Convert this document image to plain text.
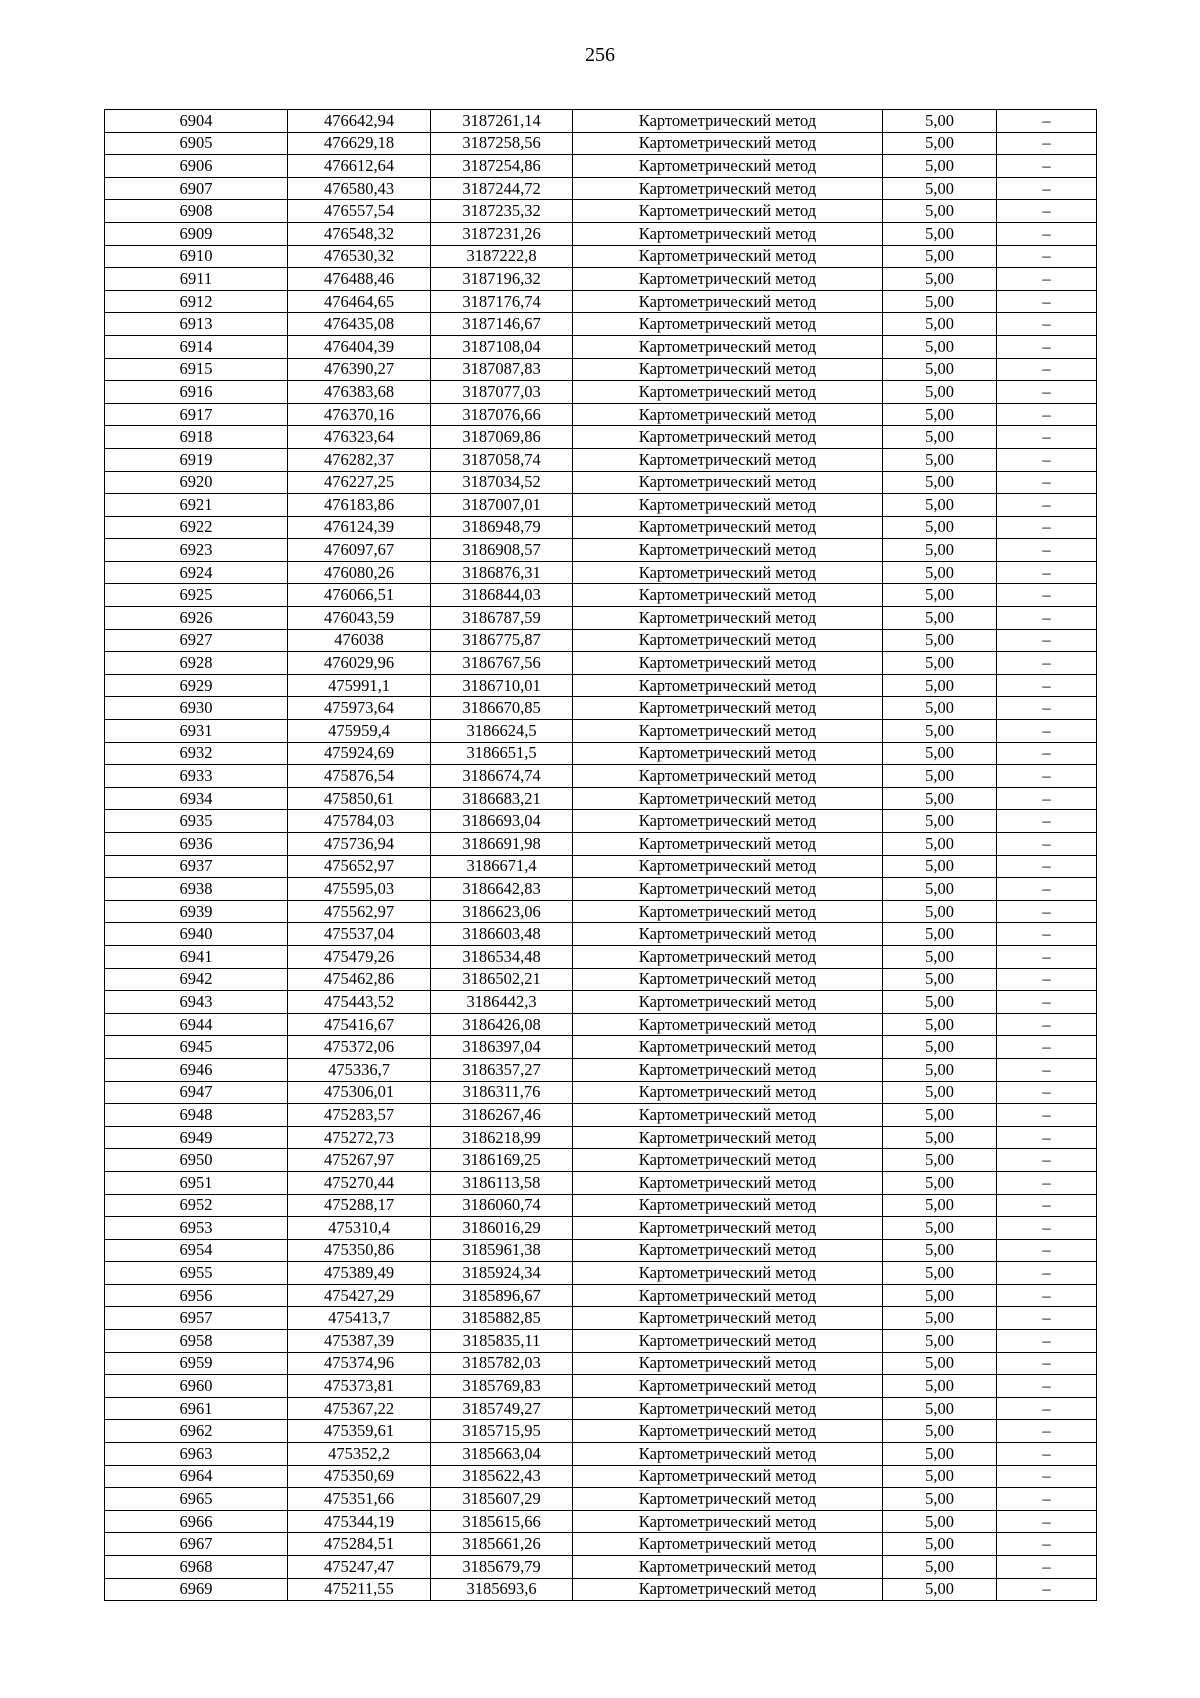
256
6904	476642,94	3187261,14	Картометрический метод	5,00	–
6905	476629,18	3187258,56	Картометрический метод	5,00	–
6906	476612,64	3187254,86	Картометрический метод	5,00	–
6907	476580,43	3187244,72	Картометрический метод	5,00	–
6908	476557,54	3187235,32	Картометрический метод	5,00	–
6909	476548,32	3187231,26	Картометрический метод	5,00	–
6910	476530,32	3187222,8	Картометрический метод	5,00	–
6911	476488,46	3187196,32	Картометрический метод	5,00	–
6912	476464,65	3187176,74	Картометрический метод	5,00	–
6913	476435,08	3187146,67	Картометрический метод	5,00	–
6914	476404,39	3187108,04	Картометрический метод	5,00	–
6915	476390,27	3187087,83	Картометрический метод	5,00	–
6916	476383,68	3187077,03	Картометрический метод	5,00	–
6917	476370,16	3187076,66	Картометрический метод	5,00	–
6918	476323,64	3187069,86	Картометрический метод	5,00	–
6919	476282,37	3187058,74	Картометрический метод	5,00	–
6920	476227,25	3187034,52	Картометрический метод	5,00	–
6921	476183,86	3187007,01	Картометрический метод	5,00	–
6922	476124,39	3186948,79	Картометрический метод	5,00	–
6923	476097,67	3186908,57	Картометрический метод	5,00	–
6924	476080,26	3186876,31	Картометрический метод	5,00	–
6925	476066,51	3186844,03	Картометрический метод	5,00	–
6926	476043,59	3186787,59	Картометрический метод	5,00	–
6927	476038	3186775,87	Картометрический метод	5,00	–
6928	476029,96	3186767,56	Картометрический метод	5,00	–
6929	475991,1	3186710,01	Картометрический метод	5,00	–
6930	475973,64	3186670,85	Картометрический метод	5,00	–
6931	475959,4	3186624,5	Картометрический метод	5,00	–
6932	475924,69	3186651,5	Картометрический метод	5,00	–
6933	475876,54	3186674,74	Картометрический метод	5,00	–
6934	475850,61	3186683,21	Картометрический метод	5,00	–
6935	475784,03	3186693,04	Картометрический метод	5,00	–
6936	475736,94	3186691,98	Картометрический метод	5,00	–
6937	475652,97	3186671,4	Картометрический метод	5,00	–
6938	475595,03	3186642,83	Картометрический метод	5,00	–
6939	475562,97	3186623,06	Картометрический метод	5,00	–
6940	475537,04	3186603,48	Картометрический метод	5,00	–
6941	475479,26	3186534,48	Картометрический метод	5,00	–
6942	475462,86	3186502,21	Картометрический метод	5,00	–
6943	475443,52	3186442,3	Картометрический метод	5,00	–
6944	475416,67	3186426,08	Картометрический метод	5,00	–
6945	475372,06	3186397,04	Картометрический метод	5,00	–
6946	475336,7	3186357,27	Картометрический метод	5,00	–
6947	475306,01	3186311,76	Картометрический метод	5,00	–
6948	475283,57	3186267,46	Картометрический метод	5,00	–
6949	475272,73	3186218,99	Картометрический метод	5,00	–
6950	475267,97	3186169,25	Картометрический метод	5,00	–
6951	475270,44	3186113,58	Картометрический метод	5,00	–
6952	475288,17	3186060,74	Картометрический метод	5,00	–
6953	475310,4	3186016,29	Картометрический метод	5,00	–
6954	475350,86	3185961,38	Картометрический метод	5,00	–
6955	475389,49	3185924,34	Картометрический метод	5,00	–
6956	475427,29	3185896,67	Картометрический метод	5,00	–
6957	475413,7	3185882,85	Картометрический метод	5,00	–
6958	475387,39	3185835,11	Картометрический метод	5,00	–
6959	475374,96	3185782,03	Картометрический метод	5,00	–
6960	475373,81	3185769,83	Картометрический метод	5,00	–
6961	475367,22	3185749,27	Картометрический метод	5,00	–
6962	475359,61	3185715,95	Картометрический метод	5,00	–
6963	475352,2	3185663,04	Картометрический метод	5,00	–
6964	475350,69	3185622,43	Картометрический метод	5,00	–
6965	475351,66	3185607,29	Картометрический метод	5,00	–
6966	475344,19	3185615,66	Картометрический метод	5,00	–
6967	475284,51	3185661,26	Картометрический метод	5,00	–
6968	475247,47	3185679,79	Картометрический метод	5,00	–
6969	475211,55	3185693,6	Картометрический метод	5,00	–
